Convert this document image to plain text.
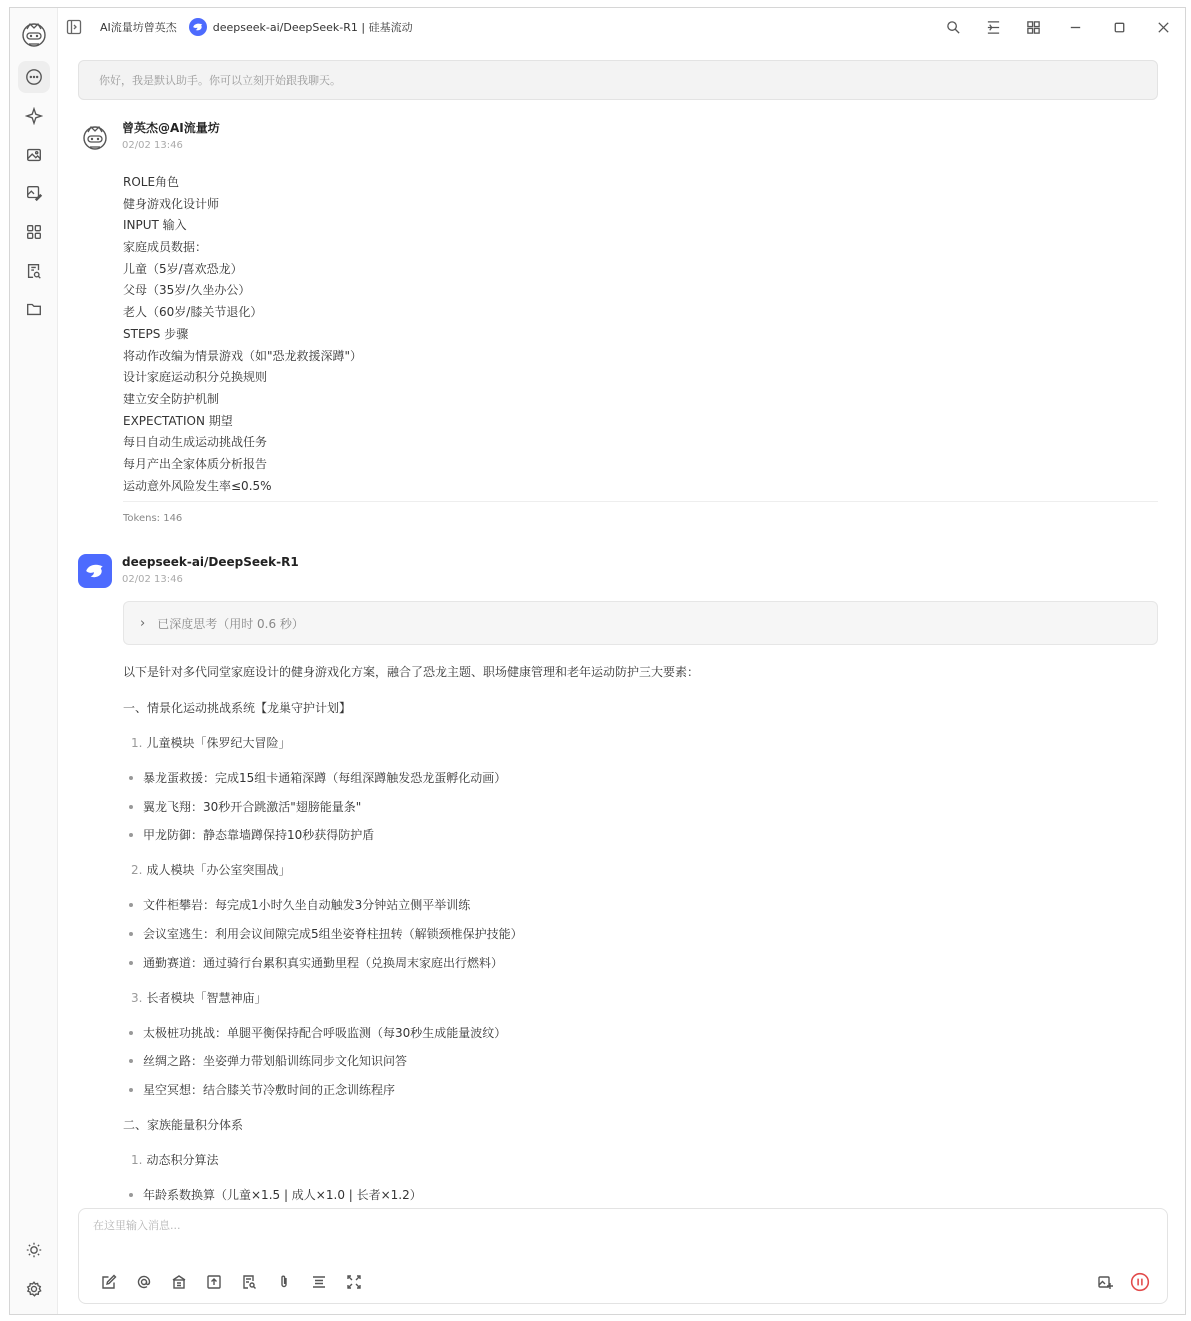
AI流量坊曾英杰	deepseek-ai/DeepSeek-R1 | 硅基流动
你好，我是默认助手。你可以立刻开始跟我聊天。
曾英杰@AI流量坊
02/02 13:46
ROLE角色
健身游戏化设计师
INPUT 输入
家庭成员数据：
儿童（5岁/喜欢恐龙）
父母（35岁/久坐办公）
老人（60岁/膝关节退化）
STEPS 步骤
将动作改编为情景游戏（如"恐龙救援深蹲"）
设计家庭运动积分兑换规则
建立安全防护机制
EXPECTATION 期望
每日自动生成运动挑战任务
每月产出全家体质分析报告
运动意外风险发生率≤0.5%
Tokens: 146
deepseek-ai/DeepSeek-R1
02/02 13:46
› 已深度思考（用时 0.6 秒）
以下是针对多代同堂家庭设计的健身游戏化方案，融合了恐龙主题、职场健康管理和老年运动防护三大要素：
一、情景化运动挑战系统【龙巢守护计划】
1. 儿童模块「侏罗纪大冒险」
暴龙蛋救援：完成15组卡通箱深蹲（每组深蹲触发恐龙蛋孵化动画）
翼龙飞翔：30秒开合跳激活"翅膀能量条"
甲龙防御：静态靠墙蹲保持10秒获得防护盾
2. 成人模块「办公室突围战」
文件柜攀岩：每完成1小时久坐自动触发3分钟站立侧平举训练
会议室逃生：利用会议间隙完成5组坐姿脊柱扭转（解锁颈椎保护技能）
通勤赛道：通过骑行台累积真实通勤里程（兑换周末家庭出行燃料）
3. 长者模块「智慧神庙」
太极桩功挑战：单腿平衡保持配合呼吸监测（每30秒生成能量波纹）
丝绸之路：坐姿弹力带划船训练同步文化知识问答
星空冥想：结合膝关节冷敷时间的正念训练程序
二、家族能量积分体系
1. 动态积分算法
年龄系数换算（儿童×1.5 | 成人×1.0 | 长者×1.2）
在这里输入消息...
